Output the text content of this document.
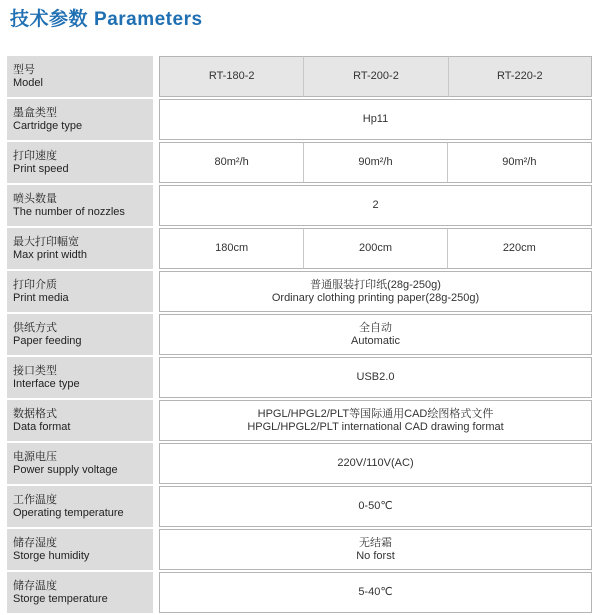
技术参数 Parameters
型号
Model		RT-180-2	RT-200-2	RT-220-2

墨盒类型
Cartridge type		Hp11		

打印速度
Print speed		80m²/h	90m²/h	90m²/h

喷头数量
The number of nozzles		2		

最大打印幅宽
Max print width		180cm	200cm	220cm

打印介质
Print media		普通服装打印纸(28g-250g)
Ordinary clothing printing paper(28g-250g)		

供纸方式
Paper feeding		全自动
Automatic		

接口类型
Interface type		USB2.0		

数据格式
Data format		HPGL/HPGL2/PLT等国际通用CAD绘图格式文件
HPGL/HPGL2/PLT international CAD drawing format		

电源电压
Power supply voltage		220V/110V(AC)		

工作温度
Operating temperature		0-50℃		

储存湿度
Storge humidity		无结霜
No forst		

储存温度
Storge temperature		5-40℃		
